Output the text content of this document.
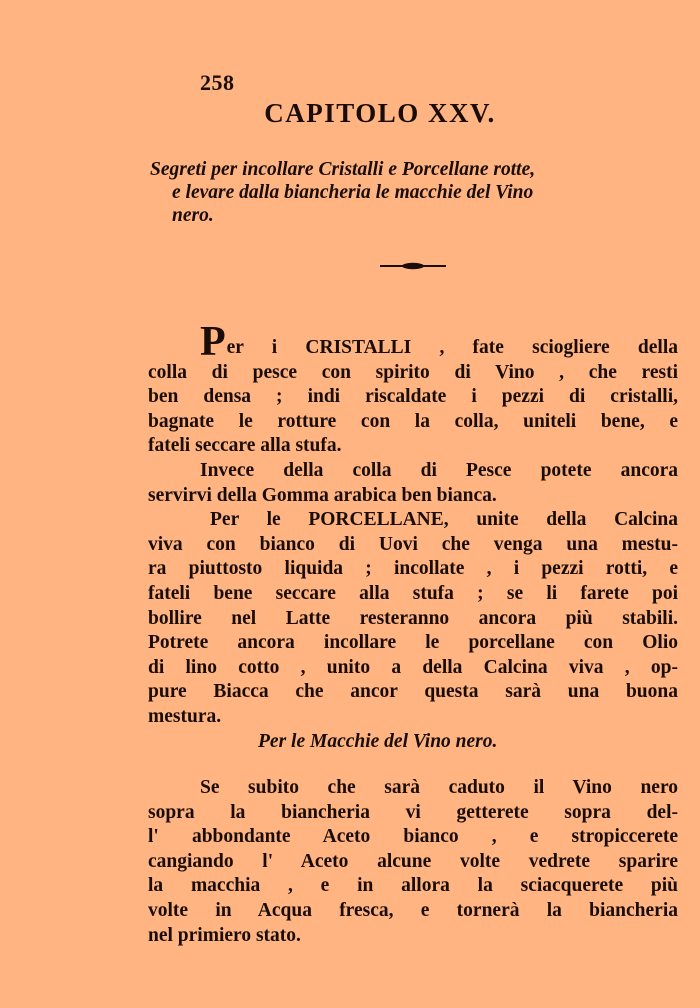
258
CAPITOLO XXV.
Segreti per incollare Cristalli e Porcellane rotte,
e levare dalla biancheria le macchie del Vino
nero.
Per i CRISTALLI , fate sciogliere della
colla di pesce con spirito di Vino , che resti
ben densa ; indi riscaldate i pezzi di cristalli,
bagnate le rotture con la colla, uniteli bene, e
fateli seccare alla stufa.
Invece della colla di Pesce potete ancora
servirvi della Gomma arabica ben bianca.
Per le PORCELLANE, unite della Calcina
viva con bianco di Uovi che venga una mestu-
ra piuttosto liquida ; incollate , i pezzi rotti, e
fateli bene seccare alla stufa ; se li farete poi
bollire nel Latte resteranno ancora più stabili.
Potrete ancora incollare le porcellane con Olio
di lino cotto , unito a della Calcina viva , op-
pure Biacca che ancor questa sarà una buona
mestura.
Per le Macchie del Vino nero.
Se subito che sarà caduto il Vino nero
sopra la biancheria vi getterete sopra del-
l' abbondante Aceto bianco , e stropiccerete
cangiando l' Aceto alcune volte vedrete sparire
la macchia , e in allora la sciacquerete più
volte in Acqua fresca, e tornerà la biancheria
nel primiero stato.
